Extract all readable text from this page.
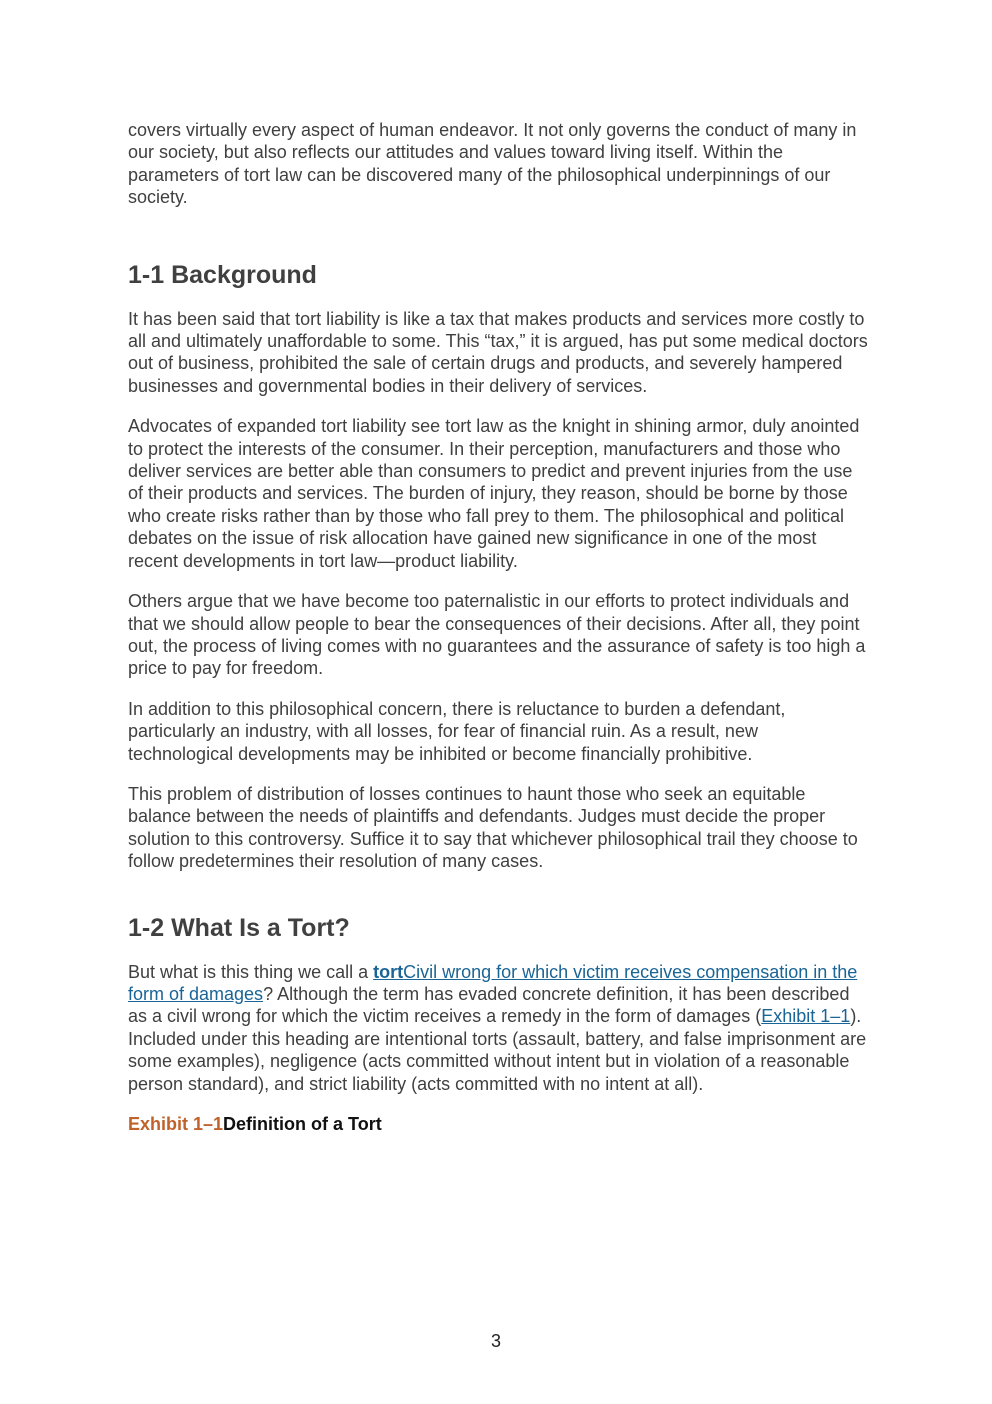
covers virtually every aspect of human endeavor. It not only governs the conduct of many in our society, but also reflects our attitudes and values toward living itself. Within the parameters of tort law can be discovered many of the philosophical underpinnings of our society.

1-1 Background

It has been said that tort liability is like a tax that makes products and services more costly to all and ultimately unaffordable to some. This “tax,” it is argued, has put some medical doctors out of business, prohibited the sale of certain drugs and products, and severely hampered businesses and governmental bodies in their delivery of services.

Advocates of expanded tort liability see tort law as the knight in shining armor, duly anointed to protect the interests of the consumer. In their perception, manufacturers and those who deliver services are better able than consumers to predict and prevent injuries from the use of their products and services. The burden of injury, they reason, should be borne by those who create risks rather than by those who fall prey to them. The philosophical and political debates on the issue of risk allocation have gained new significance in one of the most recent developments in tort law—product liability.

Others argue that we have become too paternalistic in our efforts to protect individuals and that we should allow people to bear the consequences of their decisions. After all, they point out, the process of living comes with no guarantees and the assurance of safety is too high a price to pay for freedom.

In addition to this philosophical concern, there is reluctance to burden a defendant, particularly an industry, with all losses, for fear of financial ruin. As a result, new technological developments may be inhibited or become financially prohibitive.

This problem of distribution of losses continues to haunt those who seek an equitable balance between the needs of plaintiffs and defendants. Judges must decide the proper solution to this controversy. Suffice it to say that whichever philosophical trail they choose to follow predetermines their resolution of many cases.

1-2 What Is a Tort?

But what is this thing we call a tortCivil wrong for which victim receives compensation in the form of damages? Although the term has evaded concrete definition, it has been described as a civil wrong for which the victim receives a remedy in the form of damages (Exhibit 1–1). Included under this heading are intentional torts (assault, battery, and false imprisonment are some examples), negligence (acts committed without intent but in violation of a reasonable person standard), and strict liability (acts committed with no intent at all).

Exhibit 1–1Definition of a Tort

3
